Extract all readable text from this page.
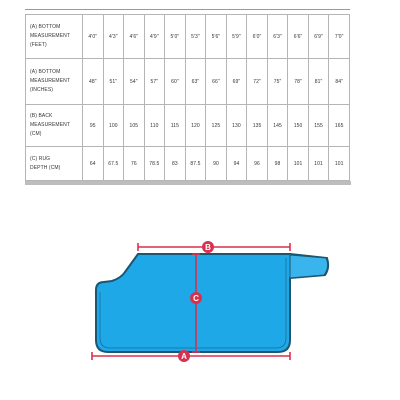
(A) BOTTOM
MEASUREMENT
(FEET)	4'0"	4'3"	4'6"	4'9"	5'0"	5'3"	5'6"	5'9"	6'0"	6'3"	6'6"	6'9"	7'0"

(A) BOTTOM
MEASUREMENT
(INCHES)	48"	51"	54"	57"	60"	63"	66"	69"	72"	75"	78"	81"	84"

(B) BACK
MEASUREMENT
(CM)	95	100	105	110	115	120	125	130	135	145	150	155	165

(C) RUG
DEPTH (CM)	64	67.5	76	78.5	83	87.5	90	94	96	98	101	101	101
B
C
A
